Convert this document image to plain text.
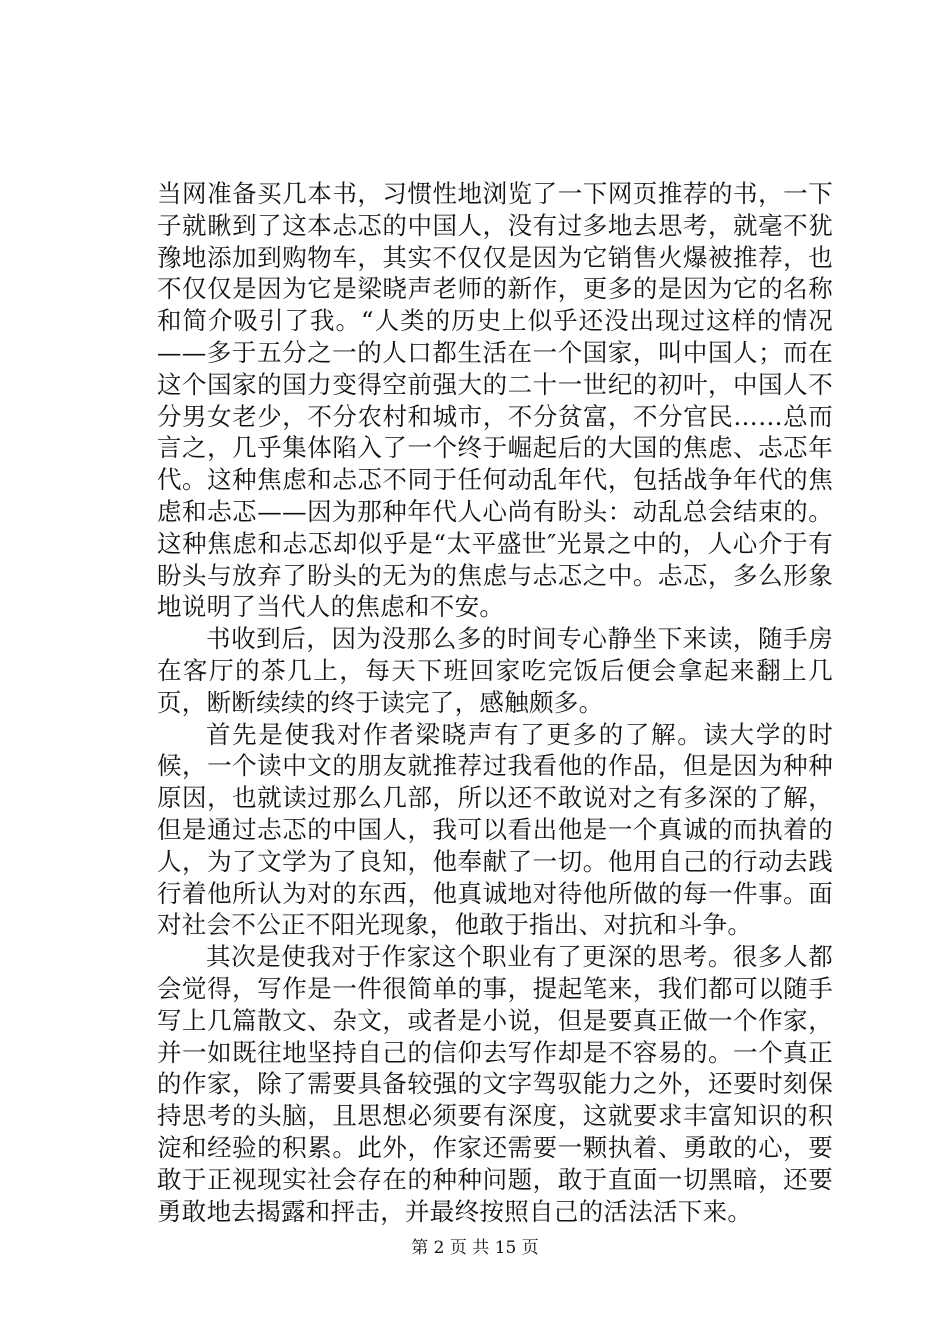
当网准备买几本书，习惯性地浏览了一下网页推荐的书，一下子就瞅到了这本忐忑的中国人，没有过多地去思考，就毫不犹豫地添加到购物车，其实不仅仅是因为它销售火爆被推荐，也不仅仅是因为它是梁晓声老师的新作，更多的是因为它的名称和简介吸引了我。“人类的历史上似乎还没出现过这样的情况——多于五分之一的人口都生活在一个国家，叫中国人；而在这个国家的国力变得空前强大的二十一世纪的初叶，中国人不分男女老少，不分农村和城市，不分贫富，不分官民……总而言之，几乎集体陷入了一个终于崛起后的大国的焦虑、忐忑年代。这种焦虑和忐忑不同于任何动乱年代，包括战争年代的焦虑和忐忑——因为那种年代人心尚有盼头：动乱总会结束的。这种焦虑和忐忑却似乎是“太平盛世″光景之中的，人心介于有盼头与放弃了盼头的无为的焦虑与忐忑之中。忐忑，多么形象地说明了当代人的焦虑和不安。

书收到后，因为没那么多的时间专心静坐下来读，随手房在客厅的茶几上，每天下班回家吃完饭后便会拿起来翻上几页，断断续续的终于读完了，感触颇多。

首先是使我对作者梁晓声有了更多的了解。读大学的时候，一个读中文的朋友就推荐过我看他的作品，但是因为种种原因，也就读过那么几部，所以还不敢说对之有多深的了解，但是通过忐忑的中国人，我可以看出他是一个真诚的而执着的人，为了文学为了良知，他奉献了一切。他用自己的行动去践行着他所认为对的东西，他真诚地对待他所做的每一件事。面对社会不公正不阳光现象，他敢于指出、对抗和斗争。

其次是使我对于作家这个职业有了更深的思考。很多人都会觉得，写作是一件很简单的事，提起笔来，我们都可以随手写上几篇散文、杂文，或者是小说，但是要真正做一个作家，并一如既往地坚持自己的信仰去写作却是不容易的。一个真正的作家，除了需要具备较强的文字驾驭能力之外，还要时刻保持思考的头脑，且思想必须要有深度，这就要求丰富知识的积淀和经验的积累。此外，作家还需要一颗执着、勇敢的心，要敢于正视现实社会存在的种种问题，敢于直面一切黑暗，还要勇敢地去揭露和抨击，并最终按照自己的活法活下来。

第 2 页 共 15 页
